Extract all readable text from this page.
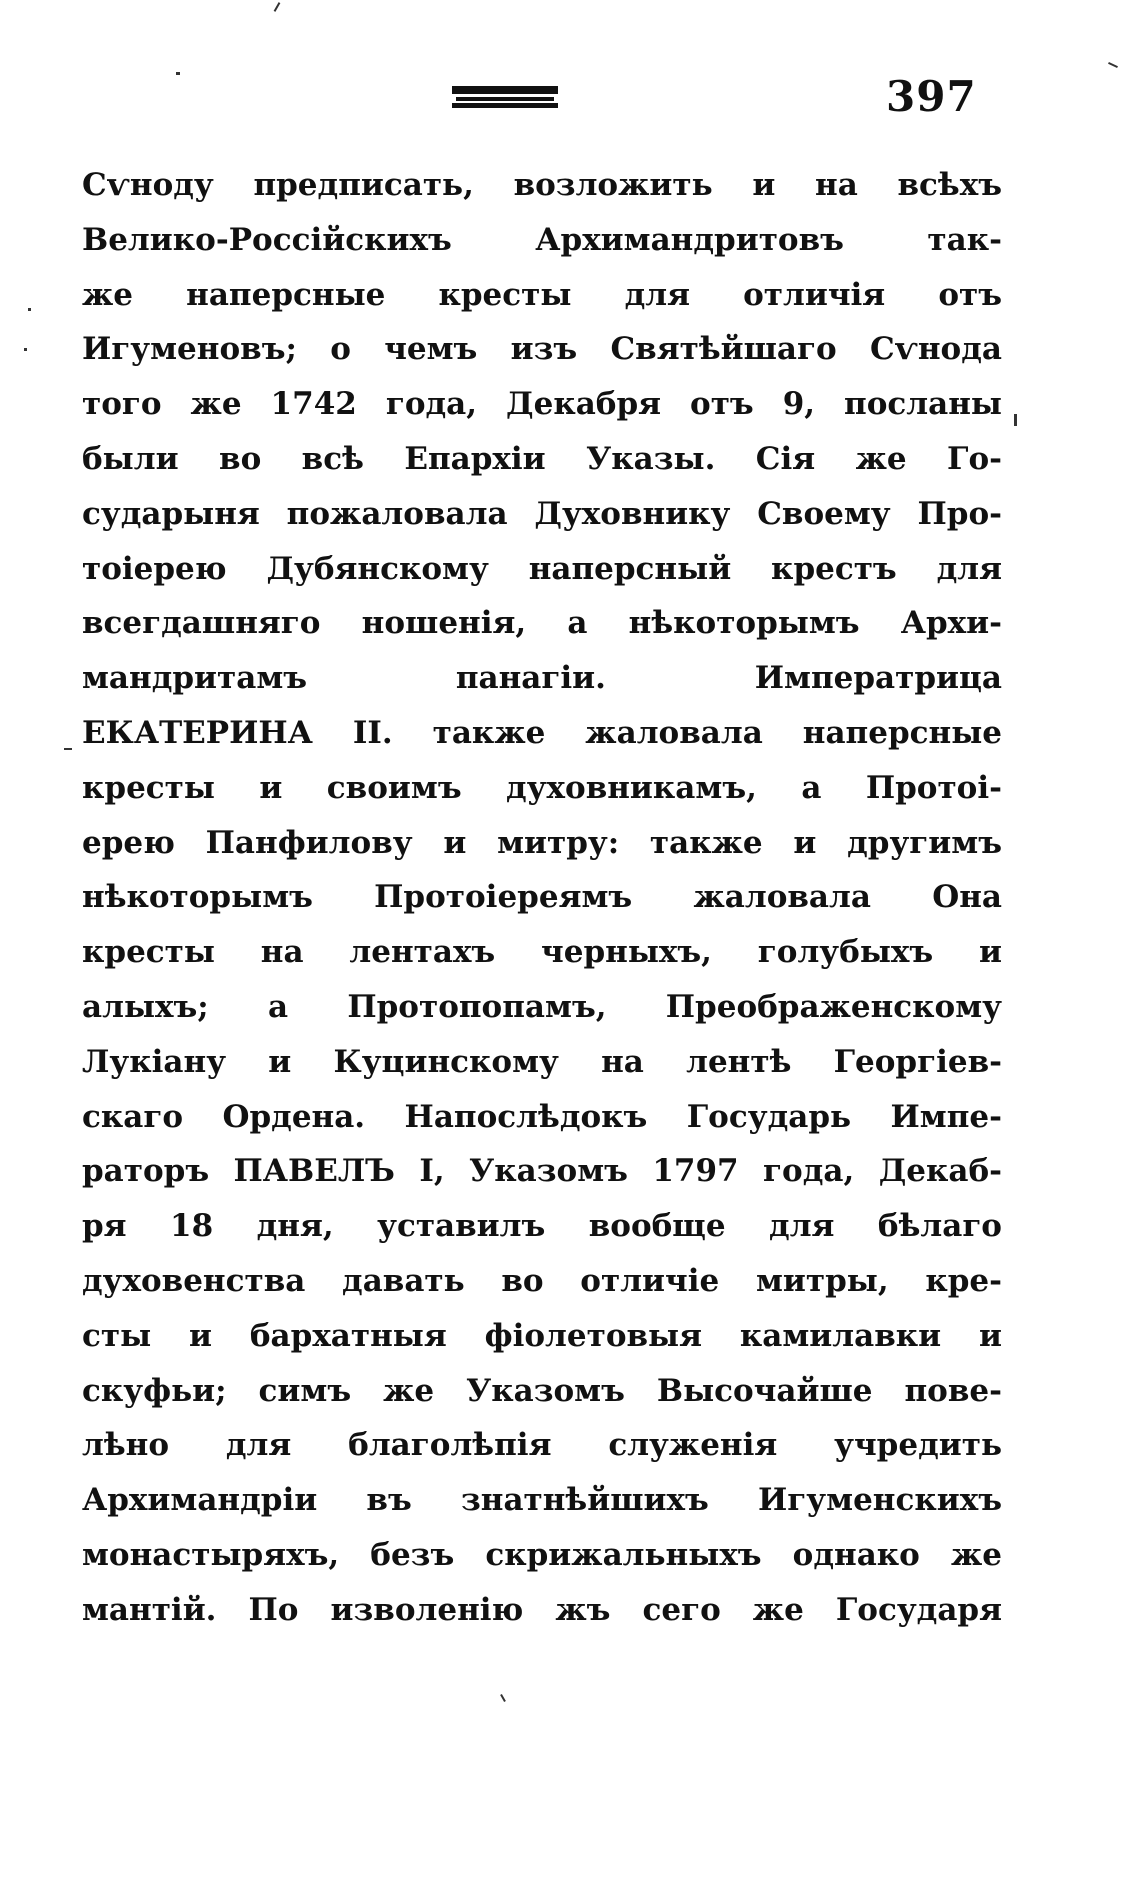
397
Сѵноду предписать, возложить и на всѣхъ
Велико-Россійскихъ Архимандритовъ так-
же наперсные кресты для отличія отъ
Игуменовъ; о чемъ изъ Святѣйшаго Сѵнода
того же 1742 года, Декабря отъ 9, посланы
были во всѣ Епархіи Указы. Сія же Го-
сударыня пожаловала Духовнику Своему Про-
тоіерею Дубянскому наперсный крестъ для
всегдашняго ношенія, а нѣкоторымъ Архи-
мандритамъ панагіи. Императрица
ЕКАТЕРИНА II. также жаловала наперсные
кресты и своимъ духовникамъ, а Протоі-
ерею Панфилову и митру: также и другимъ
нѣкоторымъ Протоіереямъ жаловала Она
кресты на лентахъ черныхъ, голубыхъ и
алыхъ; а Протопопамъ, Преображенскому
Лукіану и Куцинскому на лентѣ Георгіев-
скаго Ордена. Напослѣдокъ Государь Импе-
раторъ ПАВЕЛЪ I, Указомъ 1797 года, Декаб-
ря 18 дня, уставилъ вообще для бѣлаго
духовенства давать во отличіе митры, кре-
сты и бархатныя фіолетовыя камилавки и
скуфьи; симъ же Указомъ Высочайше пове-
лѣно для благолѣпія служенія учредить
Архимандріи въ знатнѣйшихъ Игуменскихъ
монастыряхъ, безъ скрижальныхъ однако же
мантій. По изволенію жъ сего же Государя
